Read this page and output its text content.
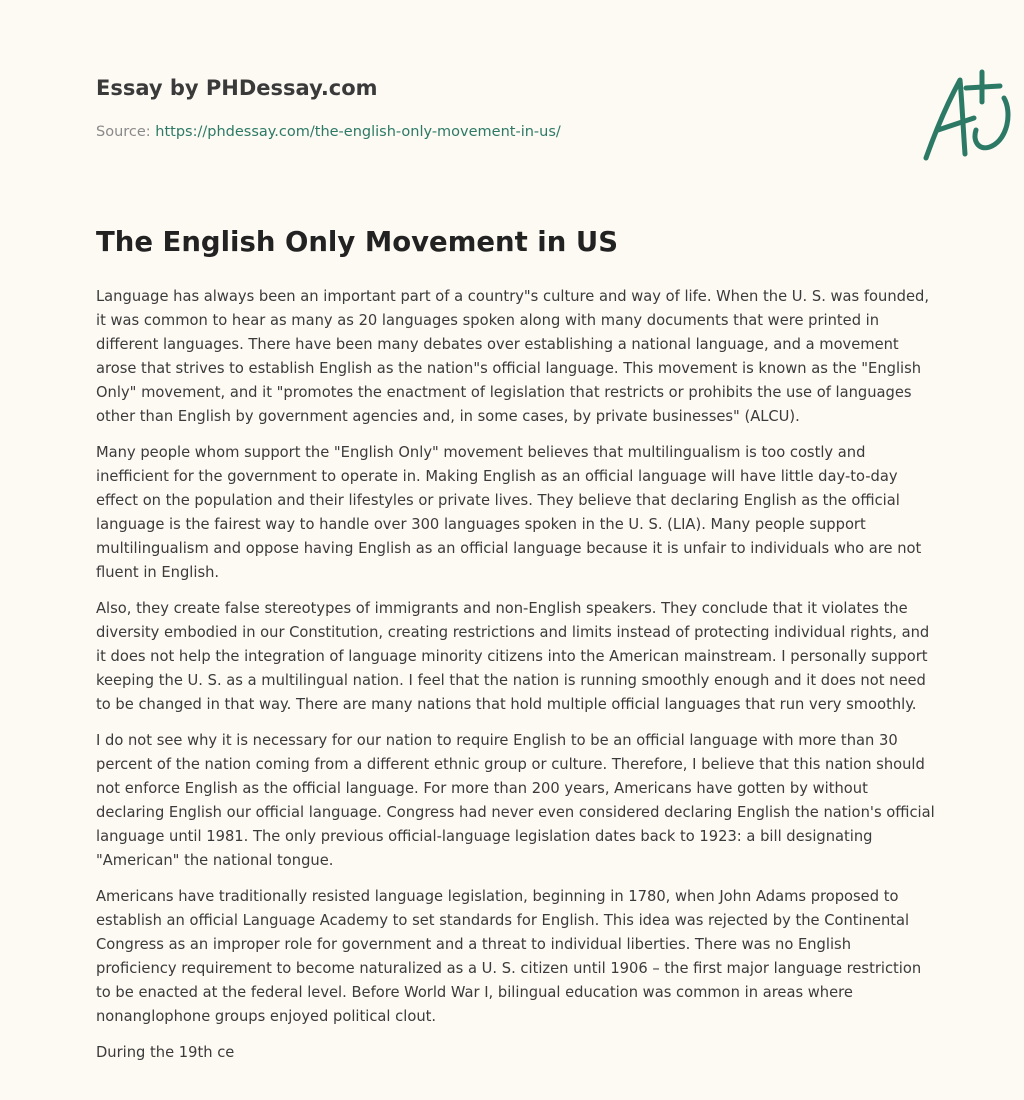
Essay by PHDessay.com
Source: https://phdessay.com/the-english-only-movement-in-us/
The English Only Movement in US

Language has always been an important part of a country"s culture and way of life. When the U. S. was founded, it was common to hear as many as 20 languages spoken along with many documents that were printed in different languages. There have been many debates over establishing a national language, and a movement arose that strives to establish English as the nation"s official language. This movement is known as the "English Only" movement, and it "promotes the enactment of legislation that restricts or prohibits the use of languages other than English by government agencies and, in some cases, by private businesses" (ALCU).

Many people whom support the "English Only" movement believes that multilingualism is too costly and inefficient for the government to operate in. Making English as an official language will have little day-to-day effect on the population and their lifestyles or private lives. They believe that declaring English as the official language is the fairest way to handle over 300 languages spoken in the U. S. (LIA). Many people support multilingualism and oppose having English as an official language because it is unfair to individuals who are not fluent in English.

Also, they create false stereotypes of immigrants and non-English speakers. They conclude that it violates the diversity embodied in our Constitution, creating restrictions and limits instead of protecting individual rights, and it does not help the integration of language minority citizens into the American mainstream. I personally support keeping the U. S. as a multilingual nation. I feel that the nation is running smoothly enough and it does not need to be changed in that way. There are many nations that hold multiple official languages that run very smoothly.

I do not see why it is necessary for our nation to require English to be an official language with more than 30 percent of the nation coming from a different ethnic group or culture. Therefore, I believe that this nation should not enforce English as the official language. For more than 200 years, Americans have gotten by without declaring English our official language. Congress had never even considered declaring English the nation's official language until 1981. The only previous official-language legislation dates back to 1923: a bill designating "American" the national tongue.

Americans have traditionally resisted language legislation, beginning in 1780, when John Adams proposed to establish an official Language Academy to set standards for English. This idea was rejected by the Continental Congress as an improper role for government and a threat to individual liberties. There was no English proficiency requirement to become naturalized as a U. S. citizen until 1906 – the first major language restriction to be enacted at the federal level. Before World War I, bilingual education was common in areas where nonanglophone groups enjoyed political clout.

During the 19th ce
